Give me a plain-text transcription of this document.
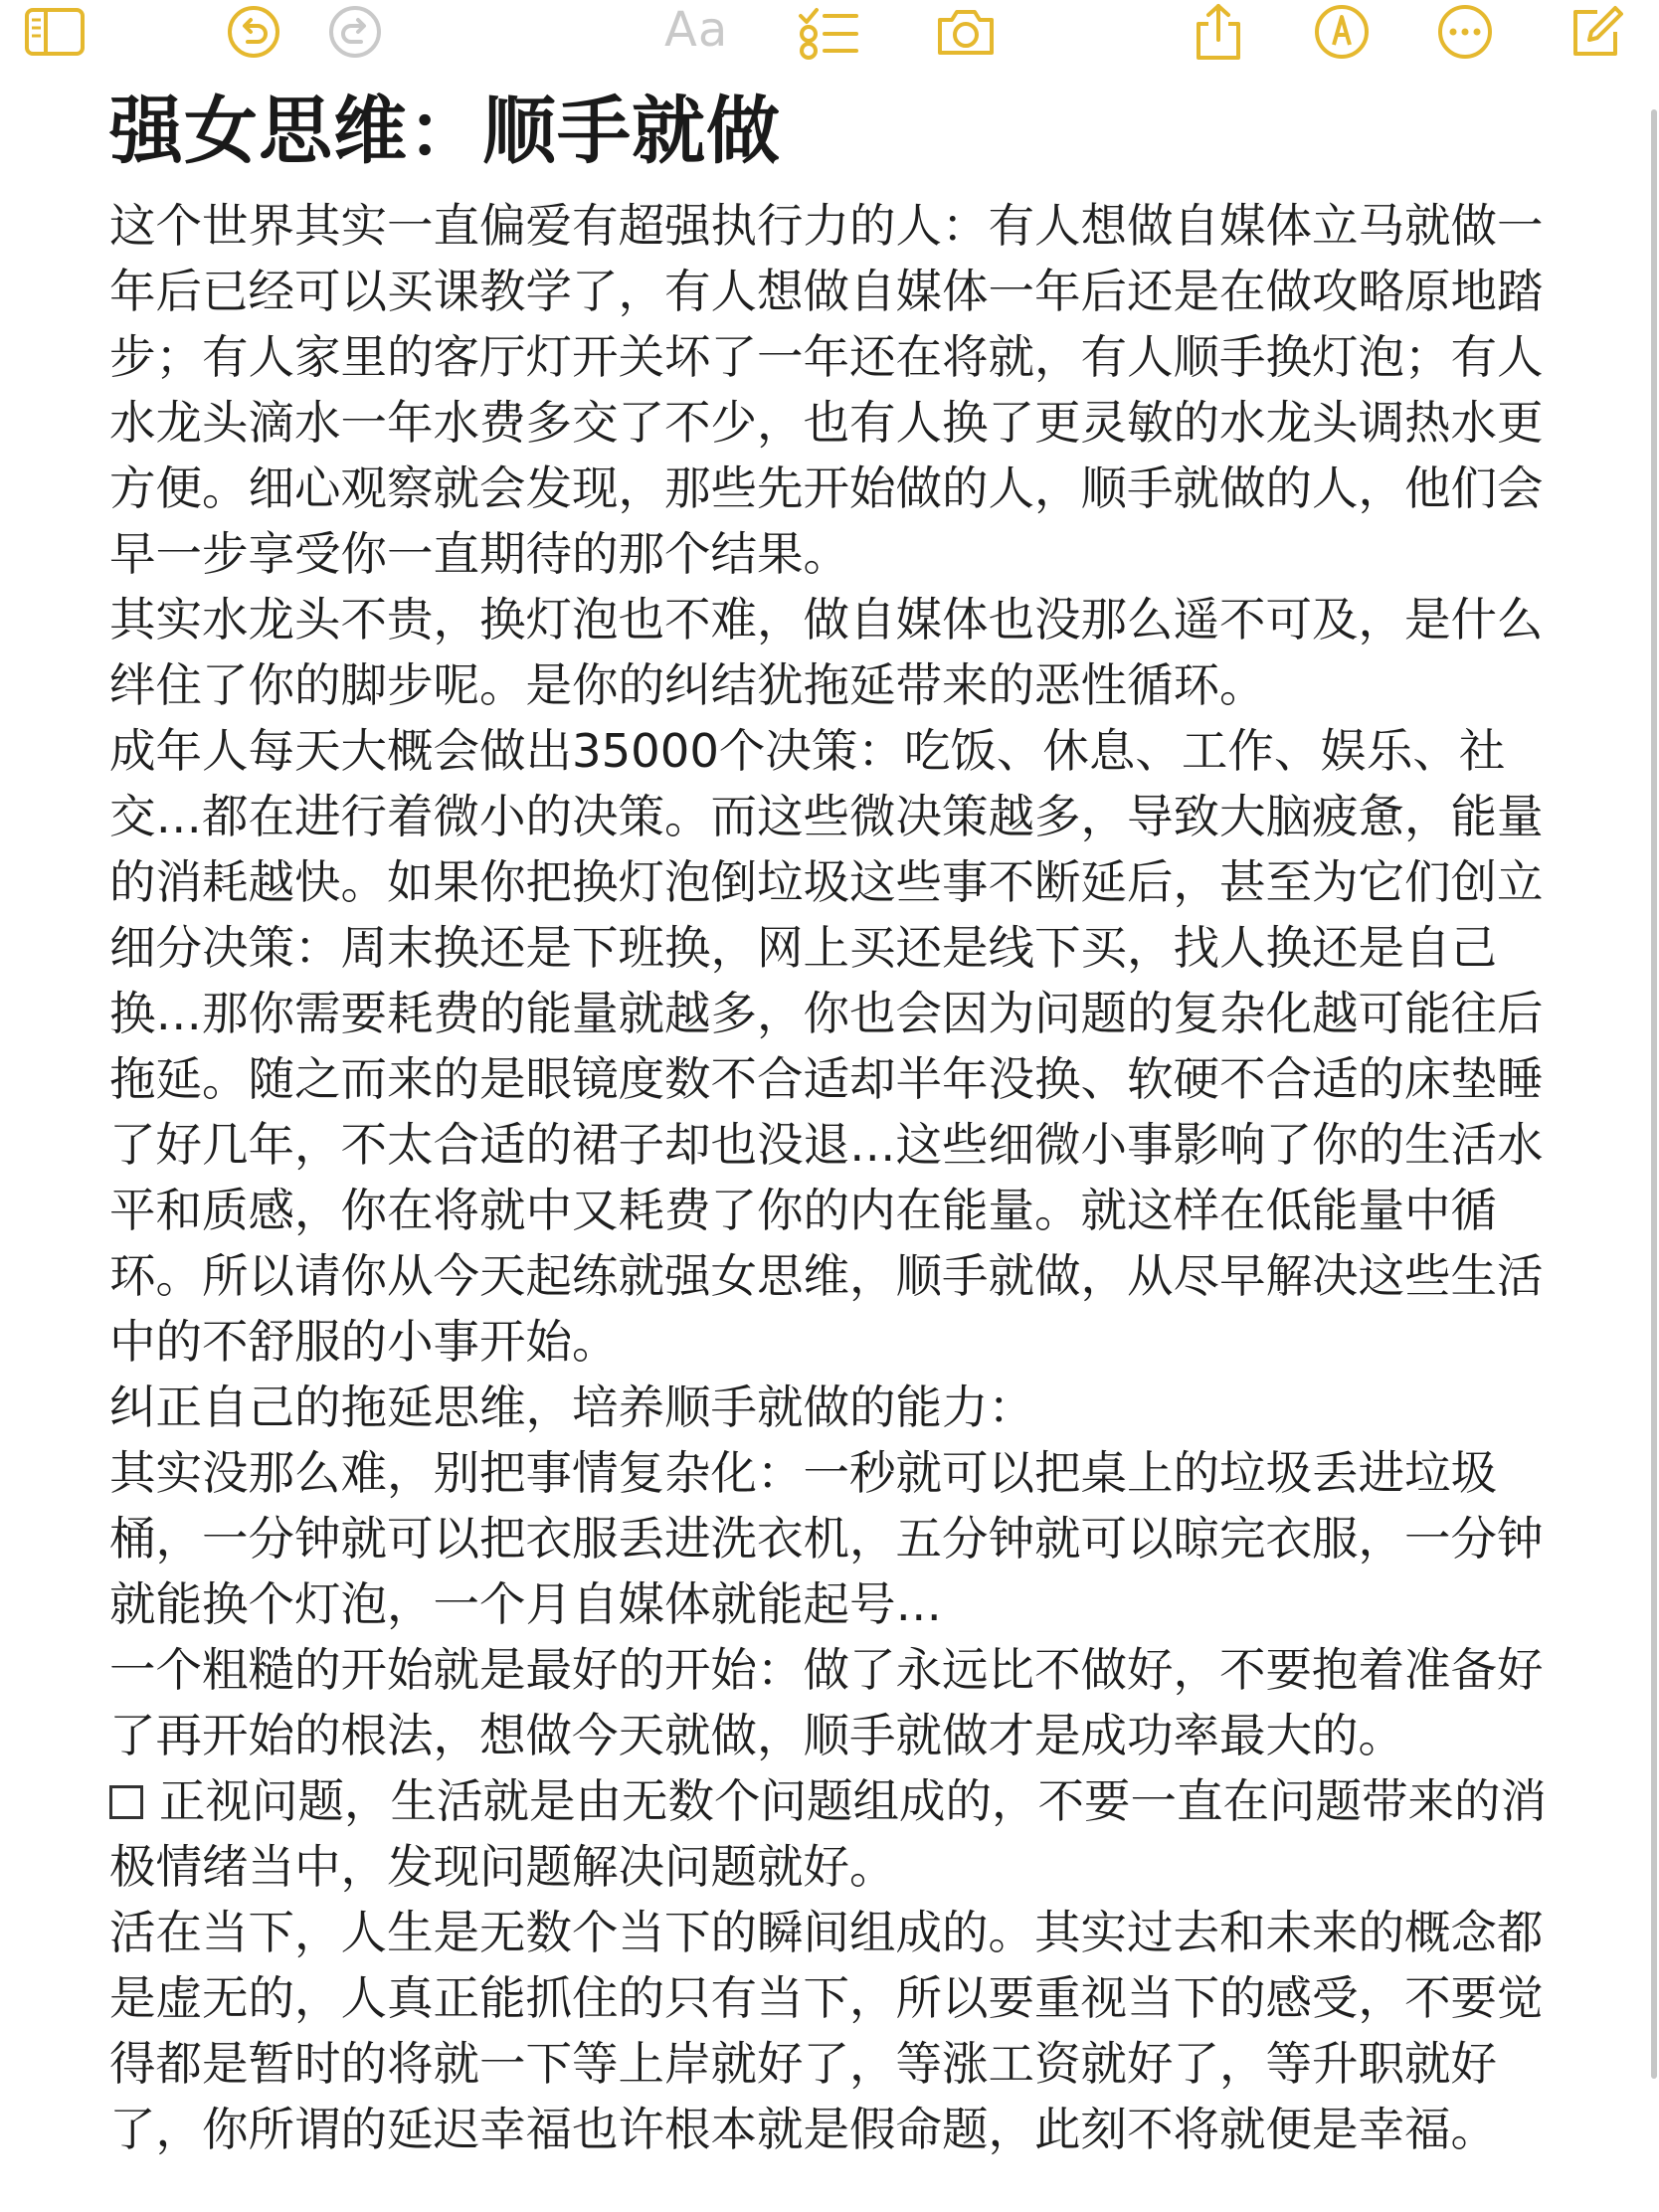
Aa
强女思维：顺手就做

这个世界其实一直偏爱有超强执行力的人：有人想做自媒体立马就做一年后已经可以买课教学了，有人想做自媒体一年后还是在做攻略原地踏步；有人家里的客厅灯开关坏了一年还在将就，有人顺手换灯泡；有人水龙头滴水一年水费多交了不少，也有人换了更灵敏的水龙头调热水更方便。细心观察就会发现，那些先开始做的人，顺手就做的人，他们会早一步享受你一直期待的那个结果。

其实水龙头不贵，换灯泡也不难，做自媒体也没那么遥不可及，是什么绊住了你的脚步呢。是你的纠结犹拖延带来的恶性循环。

成年人每天大概会做出35000个决策：吃饭、休息、工作、娱乐、社交…都在进行着微小的决策。而这些微决策越多，导致大脑疲惫，能量的消耗越快。如果你把换灯泡倒垃圾这些事不断延后，甚至为它们创立细分决策：周末换还是下班换，网上买还是线下买，找人换还是自己换…那你需要耗费的能量就越多，你也会因为问题的复杂化越可能往后拖延。随之而来的是眼镜度数不合适却半年没换、软硬不合适的床垫睡了好几年，不太合适的裙子却也没退…这些细微小事影响了你的生活水平和质感，你在将就中又耗费了你的内在能量。就这样在低能量中循环。所以请你从今天起练就强女思维，顺手就做，从尽早解决这些生活中的不舒服的小事开始。

纠正自己的拖延思维，培养顺手就做的能力：

其实没那么难，别把事情复杂化：一秒就可以把桌上的垃圾丢进垃圾桶，一分钟就可以把衣服丢进洗衣机，五分钟就可以晾完衣服，一分钟就能换个灯泡，一个月自媒体就能起号…

一个粗糙的开始就是最好的开始：做了永远比不做好，不要抱着准备好了再开始的根法，想做今天就做，顺手就做才是成功率最大的。

正视问题，生活就是由无数个问题组成的，不要一直在问题带来的消极情绪当中，发现问题解决问题就好。

活在当下，人生是无数个当下的瞬间组成的。其实过去和未来的概念都是虚无的，人真正能抓住的只有当下，所以要重视当下的感受，不要觉得都是暂时的将就一下等上岸就好了，等涨工资就好了，等升职就好了，你所谓的延迟幸福也许根本就是假命题，此刻不将就便是幸福。
